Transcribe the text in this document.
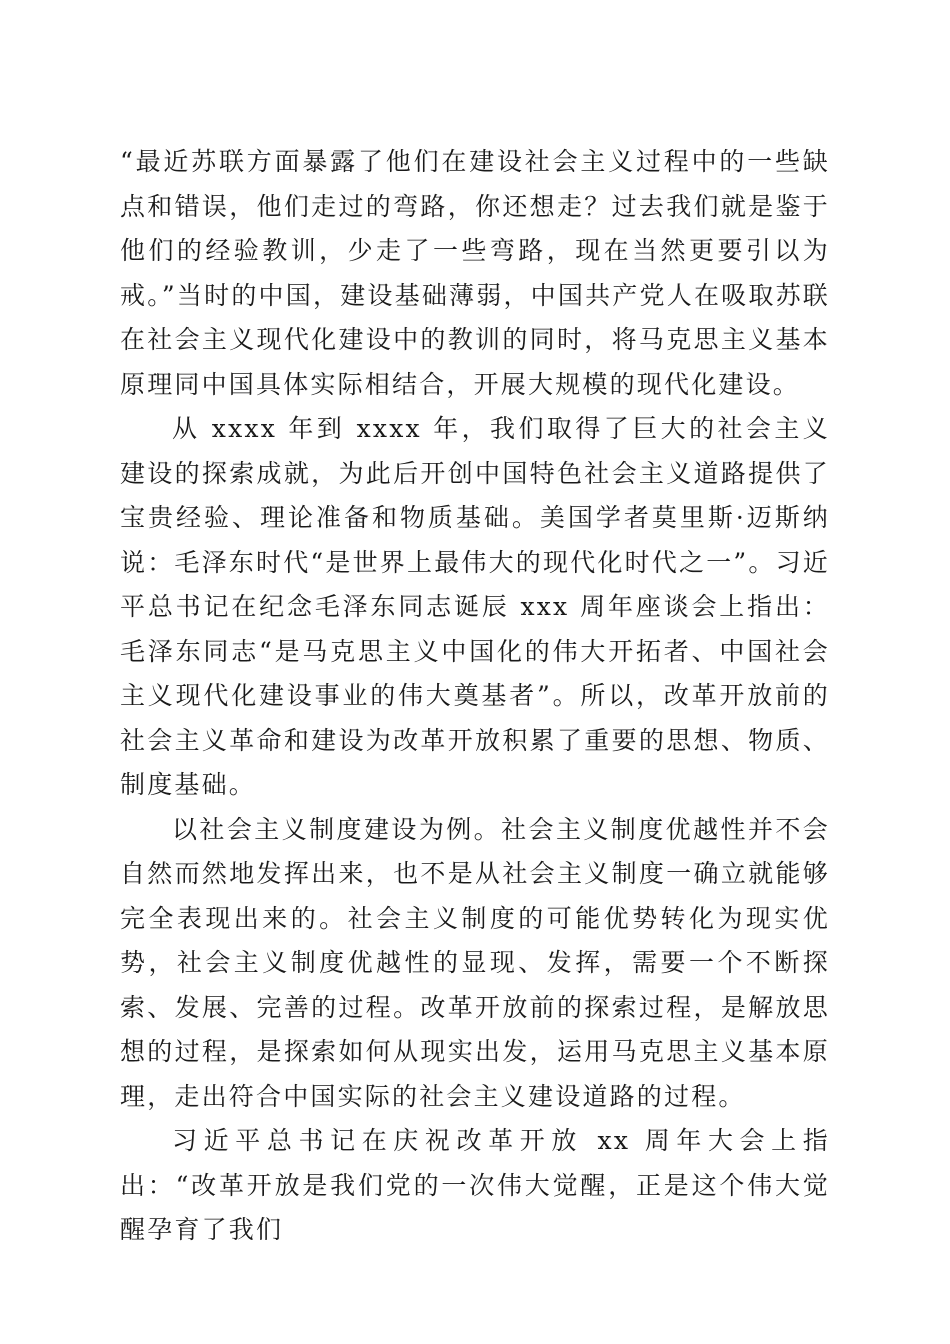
“最近苏联方面暴露了他们在建设社会主义过程中的一些缺点和错误，他们走过的弯路，你还想走？过去我们就是鉴于他们的经验教训，少走了一些弯路，现在当然更要引以为戒。”当时的中国，建设基础薄弱，中国共产党人在吸取苏联在社会主义现代化建设中的教训的同时，将马克思主义基本原理同中国具体实际相结合，开展大规模的现代化建设。

从 xxxx 年到 xxxx 年，我们取得了巨大的社会主义建设的探索成就，为此后开创中国特色社会主义道路提供了宝贵经验、理论准备和物质基础。美国学者莫里斯·迈斯纳说：毛泽东时代“是世界上最伟大的现代化时代之一”。习近平总书记在纪念毛泽东同志诞辰 xxx 周年座谈会上指出：毛泽东同志“是马克思主义中国化的伟大开拓者、中国社会主义现代化建设事业的伟大奠基者”。所以，改革开放前的社会主义革命和建设为改革开放积累了重要的思想、物质、制度基础。

以社会主义制度建设为例。社会主义制度优越性并不会自然而然地发挥出来，也不是从社会主义制度一确立就能够完全表现出来的。社会主义制度的可能优势转化为现实优势，社会主义制度优越性的显现、发挥，需要一个不断探索、发展、完善的过程。改革开放前的探索过程，是解放思想的过程，是探索如何从现实出发，运用马克思主义基本原理，走出符合中国实际的社会主义建设道路的过程。

习近平总书记在庆祝改革开放 xx 周年大会上指出：“改革开放是我们党的一次伟大觉醒，正是这个伟大觉醒孕育了我们
